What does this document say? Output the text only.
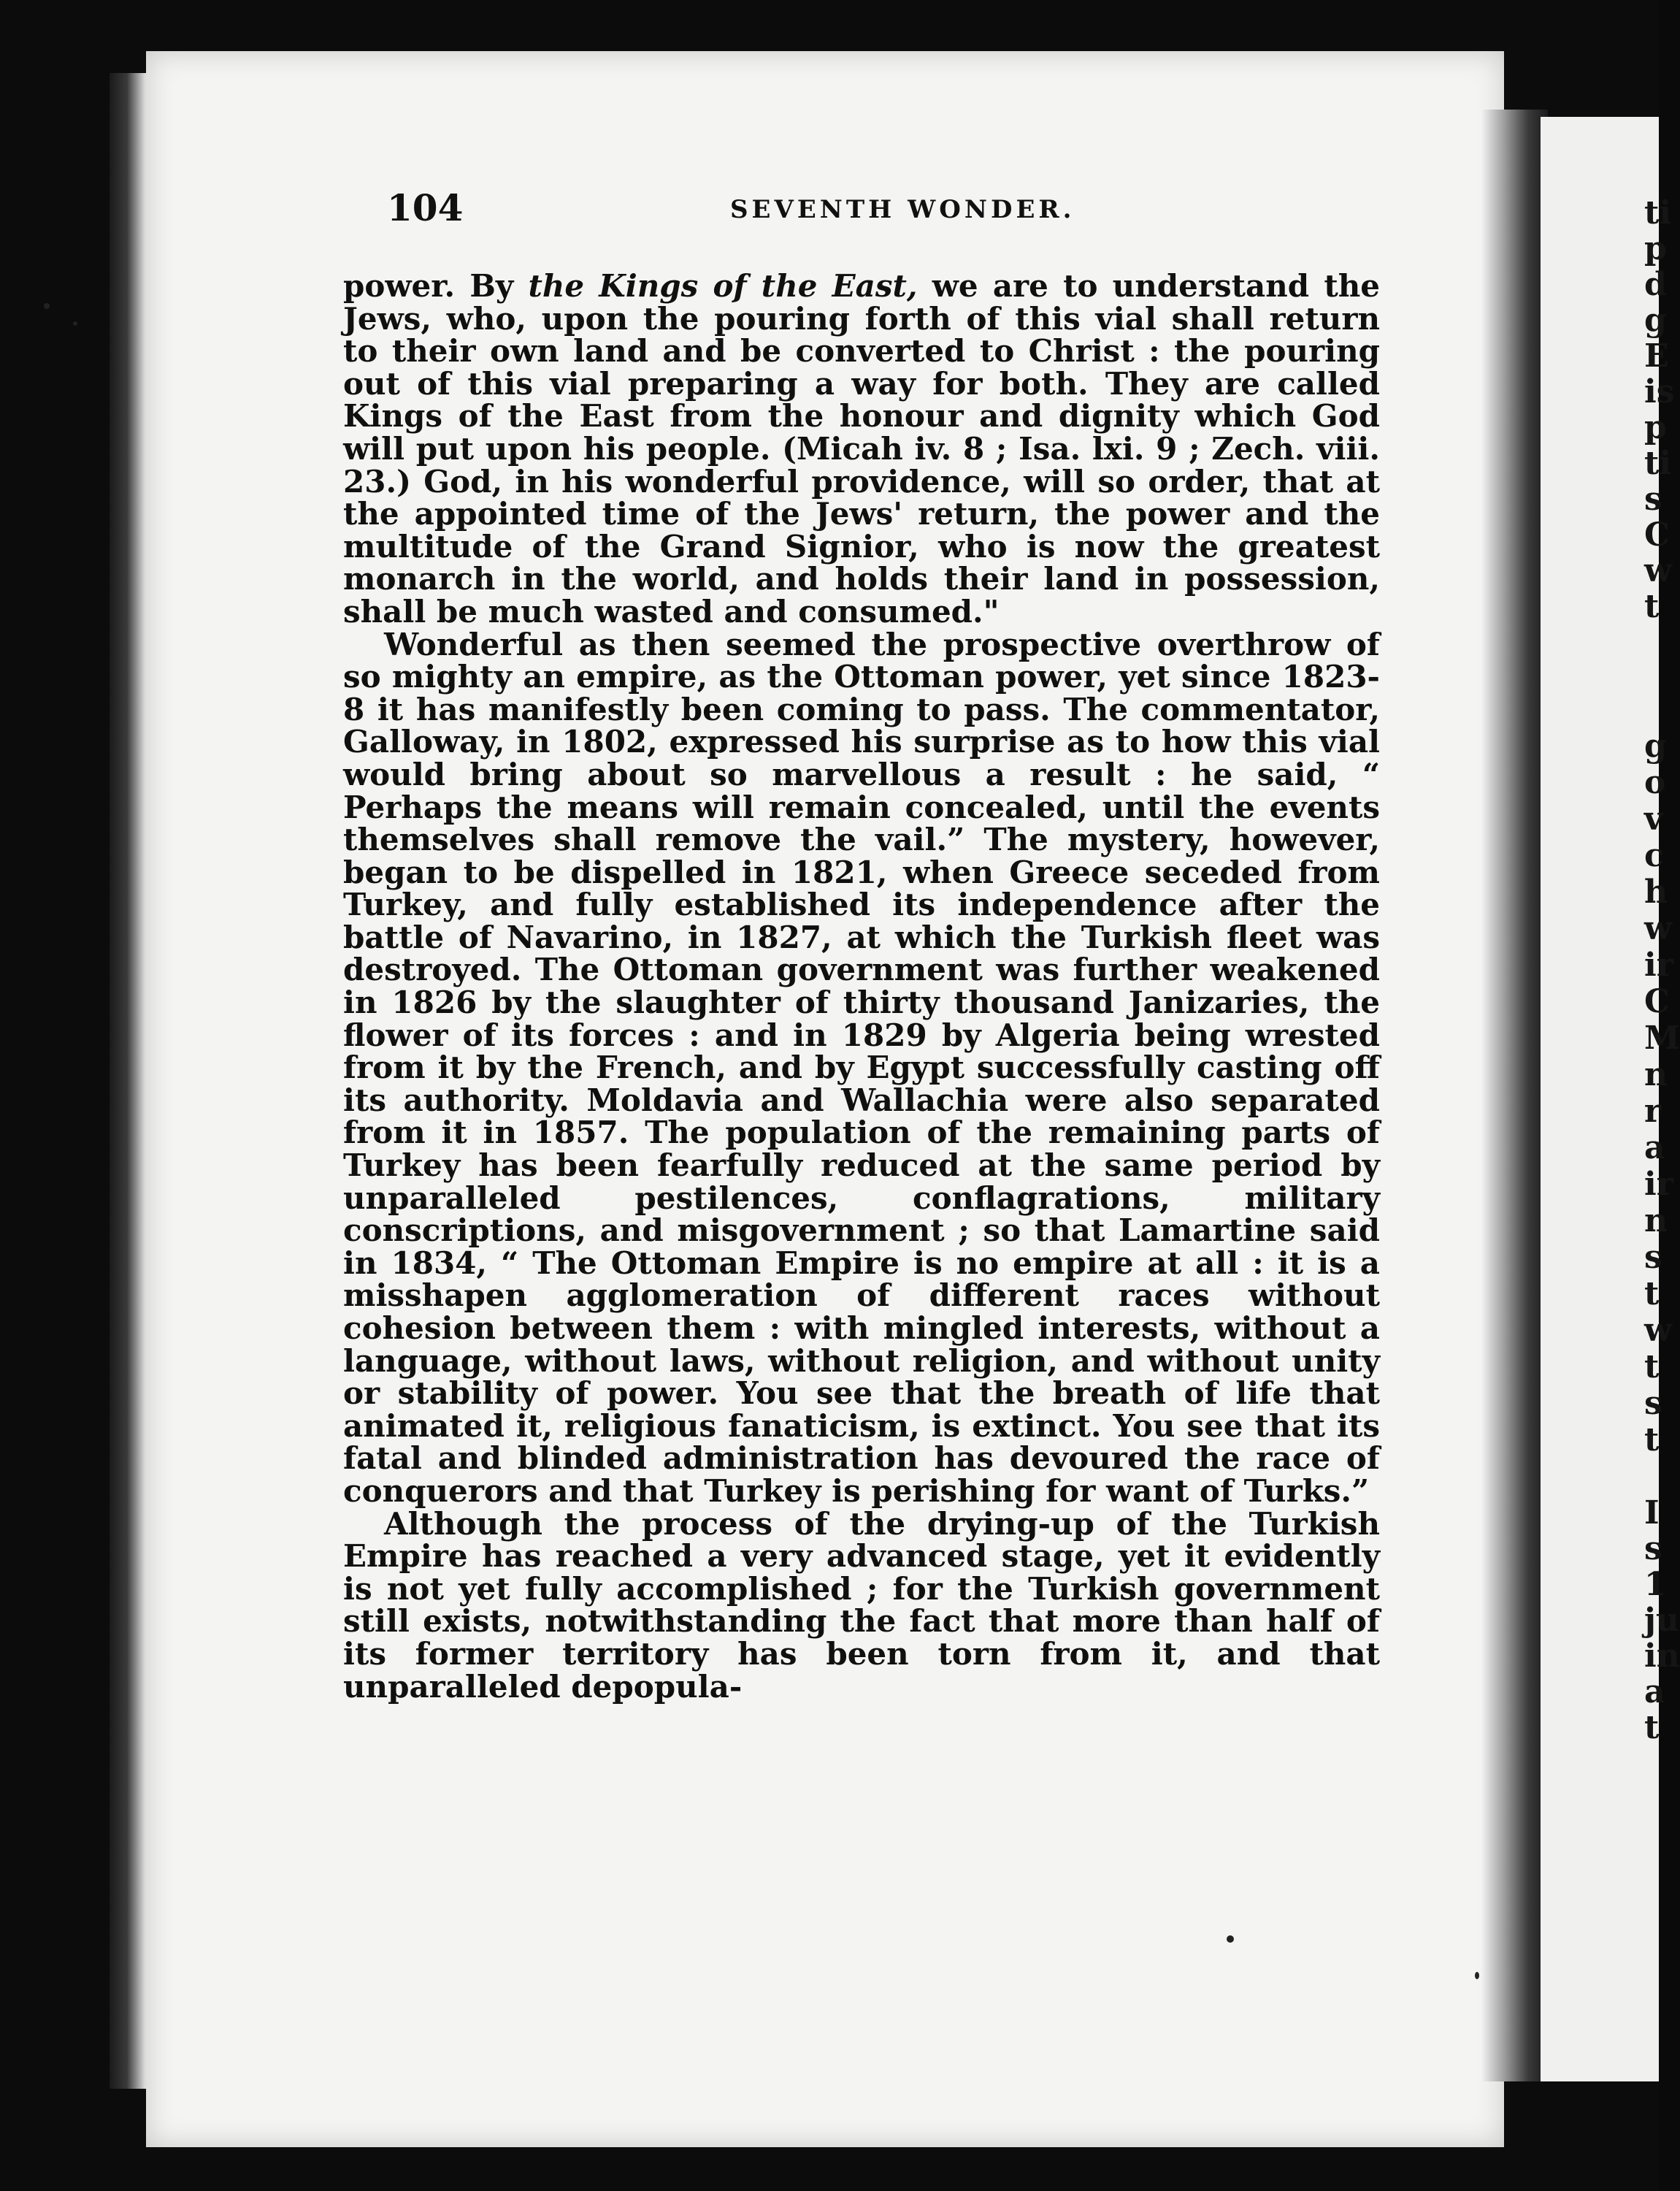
ti
p
d
g
E
is
p
ti
s
C
w
t
g
o
v
c
h
w
ir
C
M
n
r
a
ir
n
s
t
w
t
s
t
I
s
1
ju
in
a
t
104	SEVENTH WONDER.

power. By the Kings of the East, we are to understand the Jews, who, upon the pouring forth of this vial shall return to their own land and be converted to Christ : the pouring out of this vial preparing a way for both. They are called Kings of the East from the honour and dignity which God will put upon his people. (Micah iv. 8 ; Isa. lxi. 9 ; Zech. viii. 23.) God, in his wonderful providence, will so order, that at the appointed time of the Jews' return, the power and the multitude of the Grand Signior, who is now the greatest monarch in the world, and holds their land in possession, shall be much wasted and consumed."

Wonderful as then seemed the prospective overthrow of so mighty an empire, as the Ottoman power, yet since 1823-8 it has manifestly been coming to pass. The commentator, Galloway, in 1802, expressed his surprise as to how this vial would bring about so marvellous a result : he said, “ Perhaps the means will remain concealed, until the events themselves shall remove the vail.” The mystery, however, began to be dispelled in 1821, when Greece seceded from Turkey, and fully established its independence after the battle of Navarino, in 1827, at which the Turkish fleet was destroyed. The Ottoman government was further weakened in 1826 by the slaughter of thirty thousand Janizaries, the flower of its forces : and in 1829 by Algeria being wrested from it by the French, and by Egypt successfully casting off its authority. Moldavia and Wallachia were also separated from it in 1857. The population of the remaining parts of Turkey has been fearfully reduced at the same period by unparalleled pestilences, conflagrations, military conscriptions, and misgovernment ; so that Lamartine said in 1834, “ The Ottoman Empire is no empire at all : it is a misshapen agglomeration of different races without cohesion between them : with mingled interests, without a language, without laws, without religion, and without unity or stability of power. You see that the breath of life that animated it, religious fanaticism, is extinct. You see that its fatal and blinded administration has devoured the race of conquerors and that Turkey is perishing for want of Turks.”

Although the process of the drying-up of the Turkish Empire has reached a very advanced stage, yet it evidently is not yet fully accomplished ; for the Turkish government still exists, notwithstanding the fact that more than half of its former territory has been torn from it, and that unparalleled depopula-
